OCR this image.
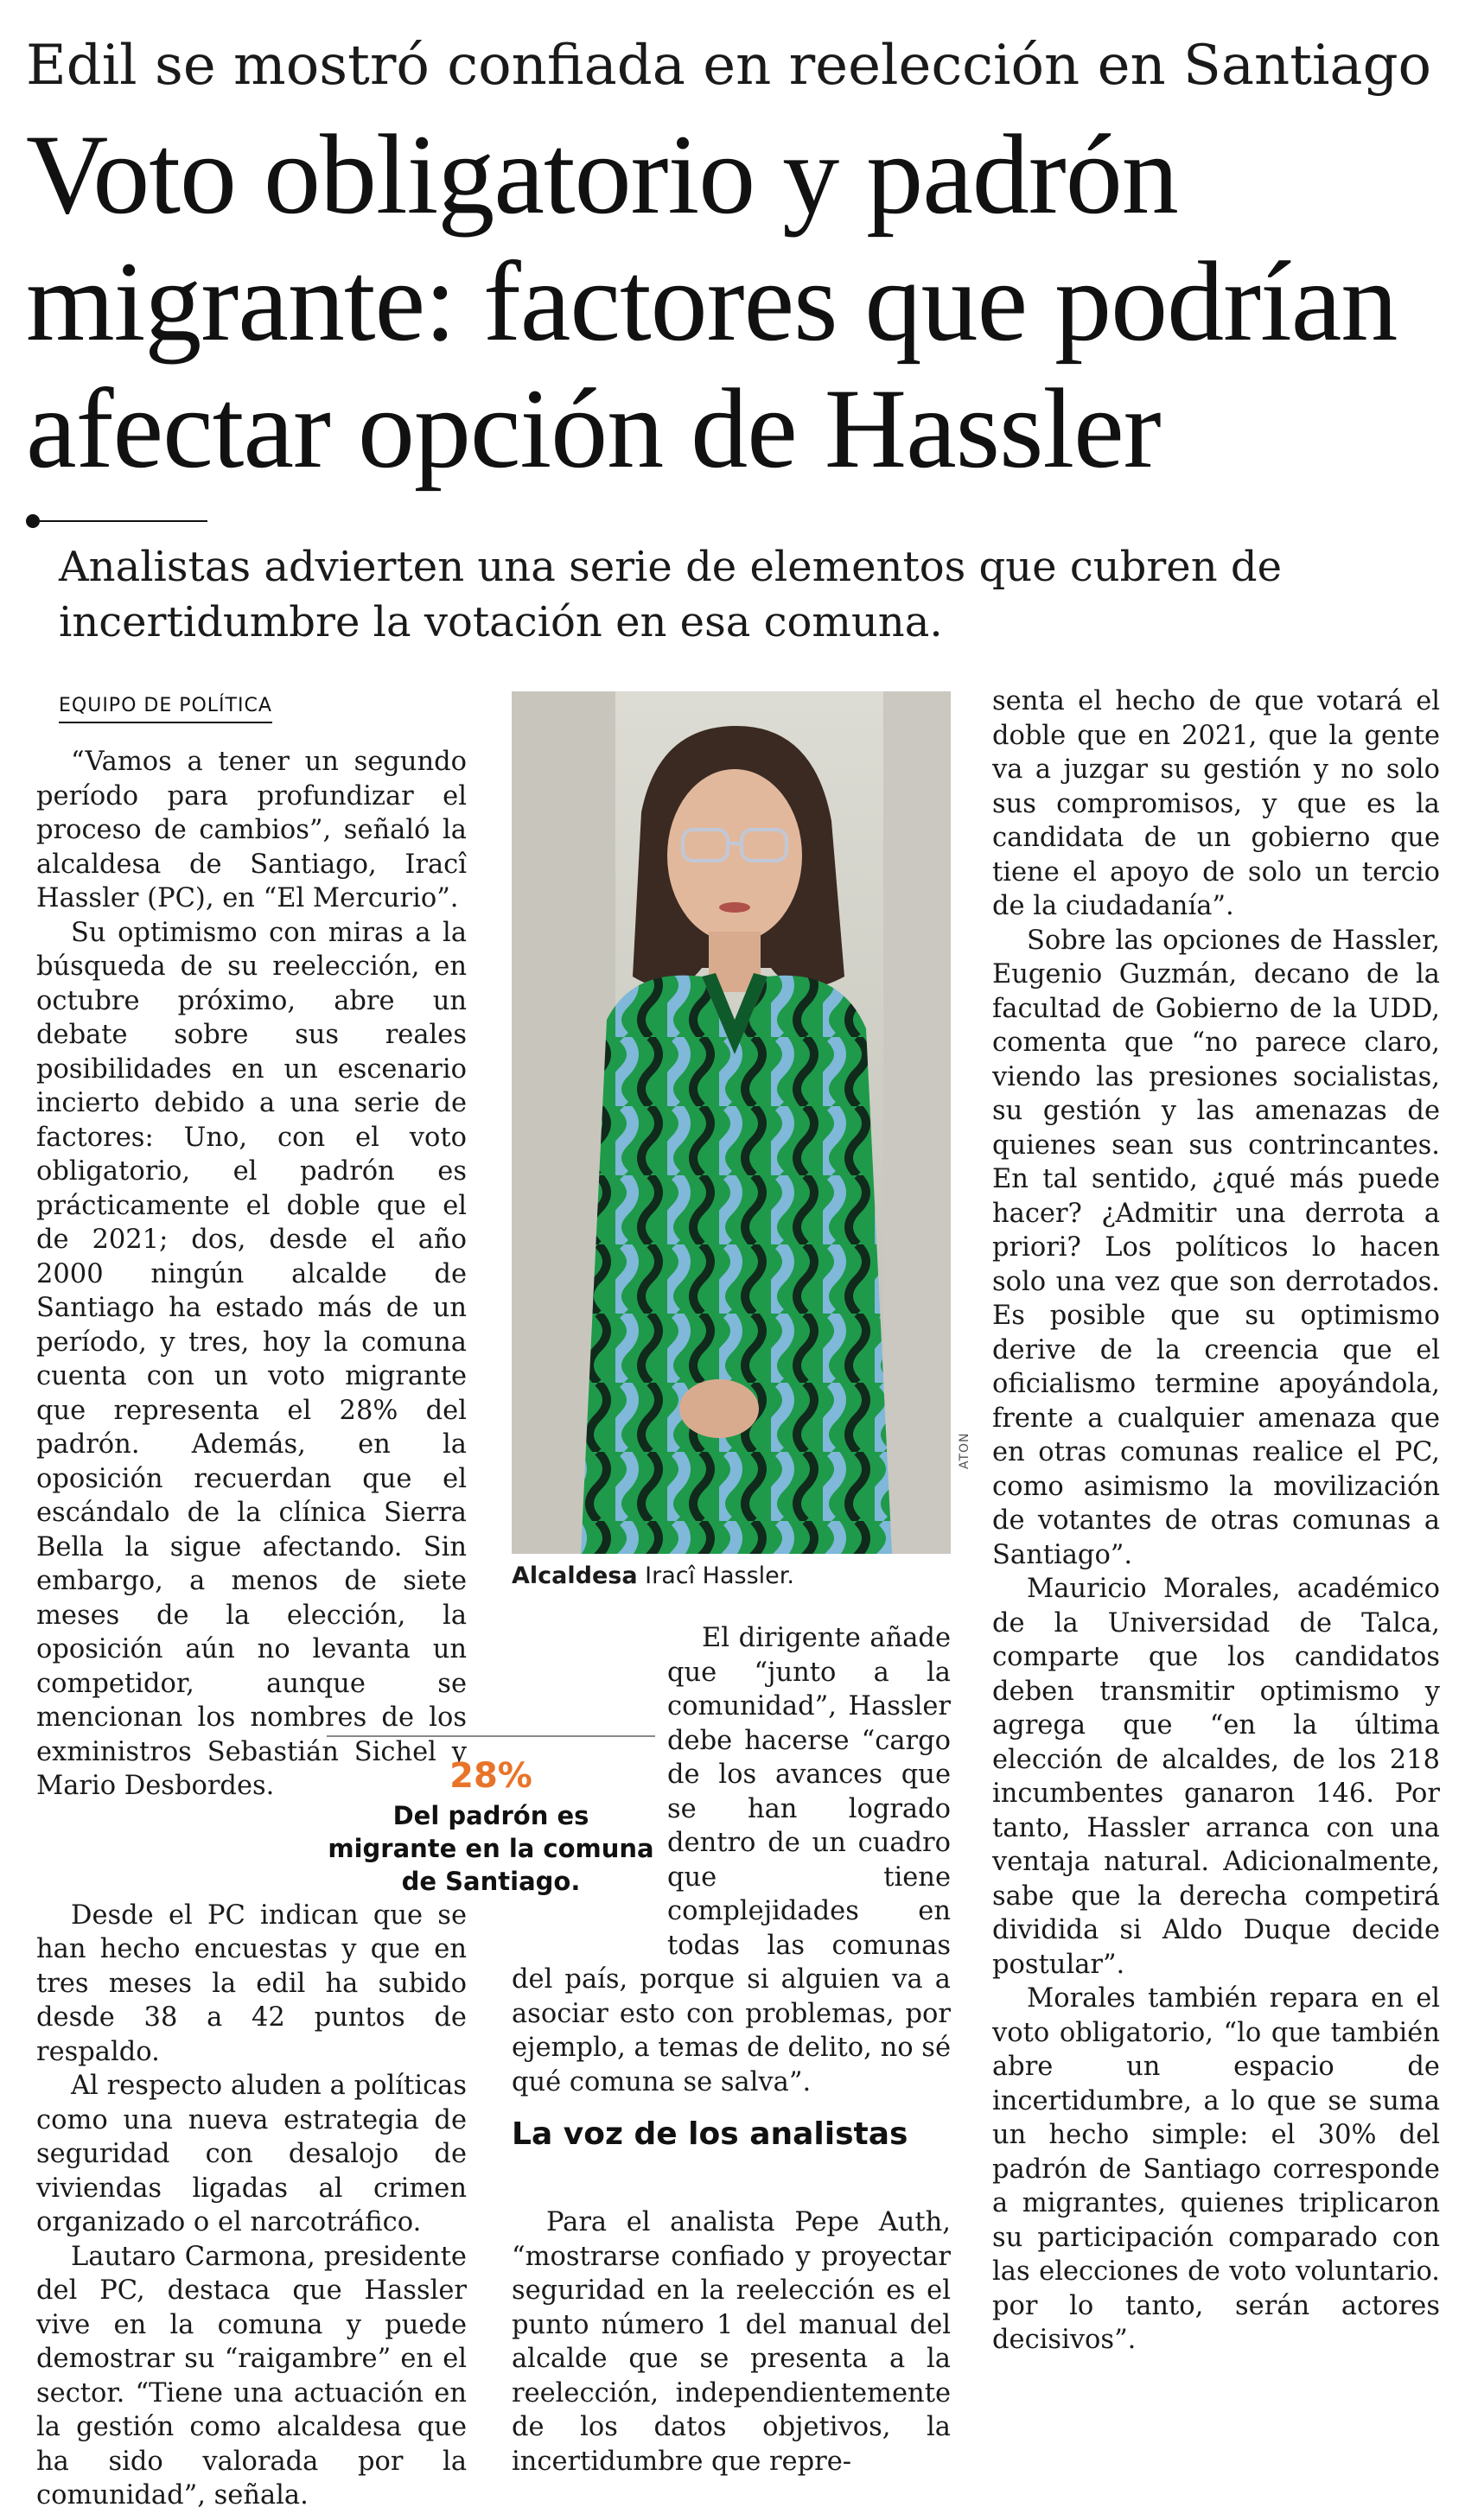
Edil se mostró confiada en reelección en Santiago
Voto obligatorio y padrón migrante: factores que podrían afectar opción de Hassler
Analistas advierten una serie de elementos que cubren de incertidumbre la votación en esa comuna.
EQUIPO DE POLÍTICA

“Vamos a tener un segundo período para profundizar el proceso de cambios”, señaló la alcaldesa de Santiago, Iracî Hassler (PC), en “El Mercurio”.

Su optimismo con miras a la búsqueda de su reelección, en octubre próximo, abre un debate sobre sus reales posibilidades en un escenario incierto debido a una serie de factores: Uno, con el voto obligatorio, el padrón es prácticamente el doble que el de 2021; dos, desde el año 2000 ningún alcalde de Santiago ha estado más de un período, y tres, hoy la comuna cuenta con un voto migrante que representa el 28% del padrón. Además, en la oposición recuerdan que el escándalo de la clínica Sierra Bella la sigue afectando. Sin embargo, a menos de siete meses de la elección, la oposición aún no levanta un competidor, aunque se mencionan los nombres de los exministros Sebastián Sichel y Mario Desbordes.

Desde el PC indican que se han hecho encuestas y que en tres meses la edil ha subido desde 38 a 42 puntos de respaldo.

Al respecto aluden a políticas como una nueva estrategia de seguridad con desalojo de viviendas ligadas al crimen organizado o el narcotráfico.

Lautaro Carmona, presidente del PC, destaca que Hassler vive en la comuna y puede demostrar su “raigambre” en el sector. “Tiene una actuación en la gestión como alcaldesa que ha sido valorada por la comunidad”, señala.

ATON
Alcaldesa Iracî Hassler.

El dirigente añade que “junto a la comunidad”, Hassler debe hacerse “cargo de los avances que se han logrado dentro de un cuadro que tiene complejidades en todas las comunas del país, porque si alguien va a asociar esto con problemas, por ejemplo, a temas de delito, no sé qué comuna se salva”.

28%
Del padrón es migrante en la comuna de Santiago.
La voz de los analistas

Para el analista Pepe Auth, “mostrarse confiado y proyectar seguridad en la reelección es el punto número 1 del manual del alcalde que se presenta a la reelección, independientemente de los datos objetivos, la incertidumbre que repre-

senta el hecho de que votará el doble que en 2021, que la gente va a juzgar su gestión y no solo sus compromisos, y que es la candidata de un gobierno que tiene el apoyo de solo un tercio de la ciudadanía”.

Sobre las opciones de Hassler, Eugenio Guzmán, decano de la facultad de Gobierno de la UDD, comenta que “no parece claro, viendo las presiones socialistas, su gestión y las amenazas de quienes sean sus contrincantes. En tal sentido, ¿qué más puede hacer? ¿Admitir una derrota a priori? Los políticos lo hacen solo una vez que son derrotados. Es posible que su optimismo derive de la creencia que el oficialismo termine apoyándola, frente a cualquier amenaza que en otras comunas realice el PC, como asimismo la movilización de votantes de otras comunas a Santiago”.

Mauricio Morales, académico de la Universidad de Talca, comparte que los candidatos deben transmitir optimismo y agrega que “en la última elección de alcaldes, de los 218 incumbentes ganaron 146. Por tanto, Hassler arranca con una ventaja natural. Adicionalmente, sabe que la derecha competirá dividida si Aldo Duque decide postular”.

Morales también repara en el voto obligatorio, “lo que también abre un espacio de incertidumbre, a lo que se suma un hecho simple: el 30% del padrón de Santiago corresponde a migrantes, quienes triplicaron su participación comparado con las elecciones de voto voluntario. por lo tanto, serán actores decisivos”.
